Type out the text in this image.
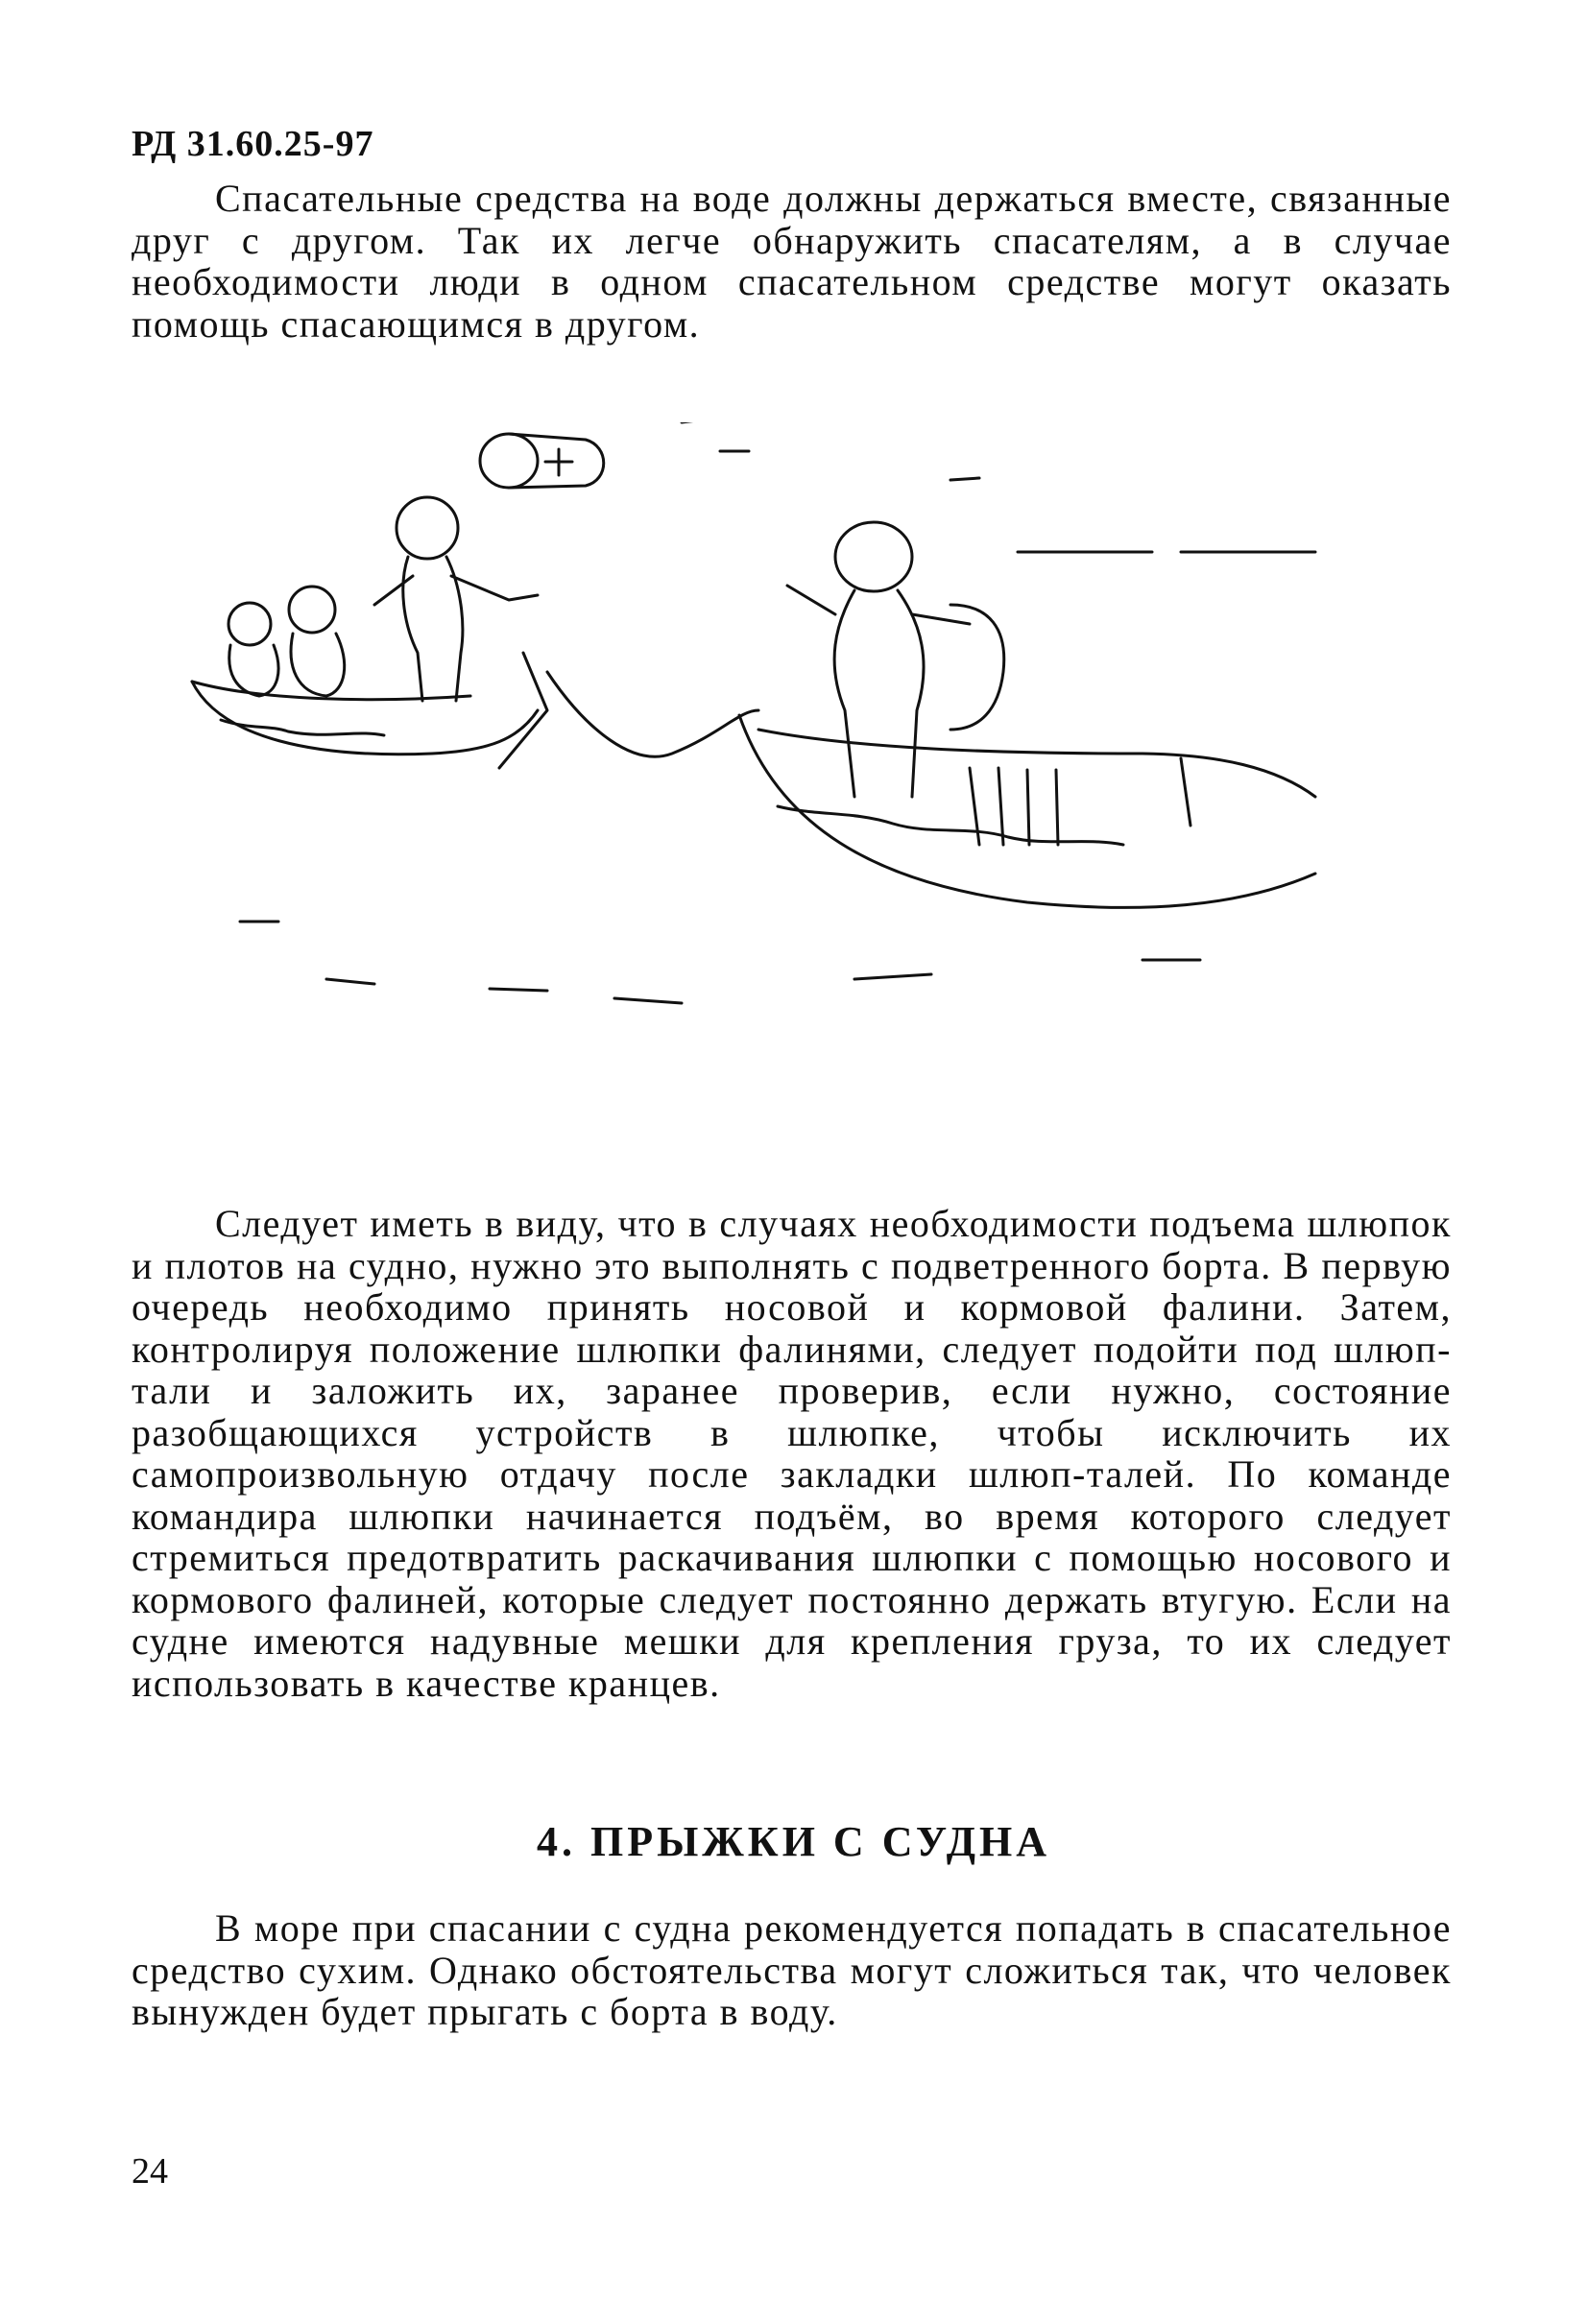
РД 31.60.25-97

Спасательные средства на воде должны держаться вместе, связанные друг с другом. Так их легче обнаружить спасателям, а в случае необходимости люди в одном спасательном средстве могут оказать помощь спасающимся в другом.

Следует иметь в виду, что в случаях необходимости подъема шлюпок и плотов на судно, нужно это выполнять с подветренного борта. В первую очередь необходимо принять носовой и кормовой фалини. Затем, контролируя положение шлюпки фалинями, следует подойти под шлюп-тали и заложить их, заранее проверив, если нужно, состояние разобщающихся устройств в шлюпке, чтобы исключить их самопроизвольную отдачу после закладки шлюп-талей. По команде командира шлюпки начинается подъём, во время которого следует стремиться предотвратить раскачивания шлюпки с помощью носового и кормового фалиней, которые следует постоянно держать втугую. Если на судне имеются надувные мешки для крепления груза, то их следует использовать в качестве кранцев.

4. ПРЫЖКИ С СУДНА

В море при спасании с судна рекомендуется попадать в спасательное средство сухим. Однако обстоятельства могут сложиться так, что человек вынужден будет прыгать с борта в воду.

24
